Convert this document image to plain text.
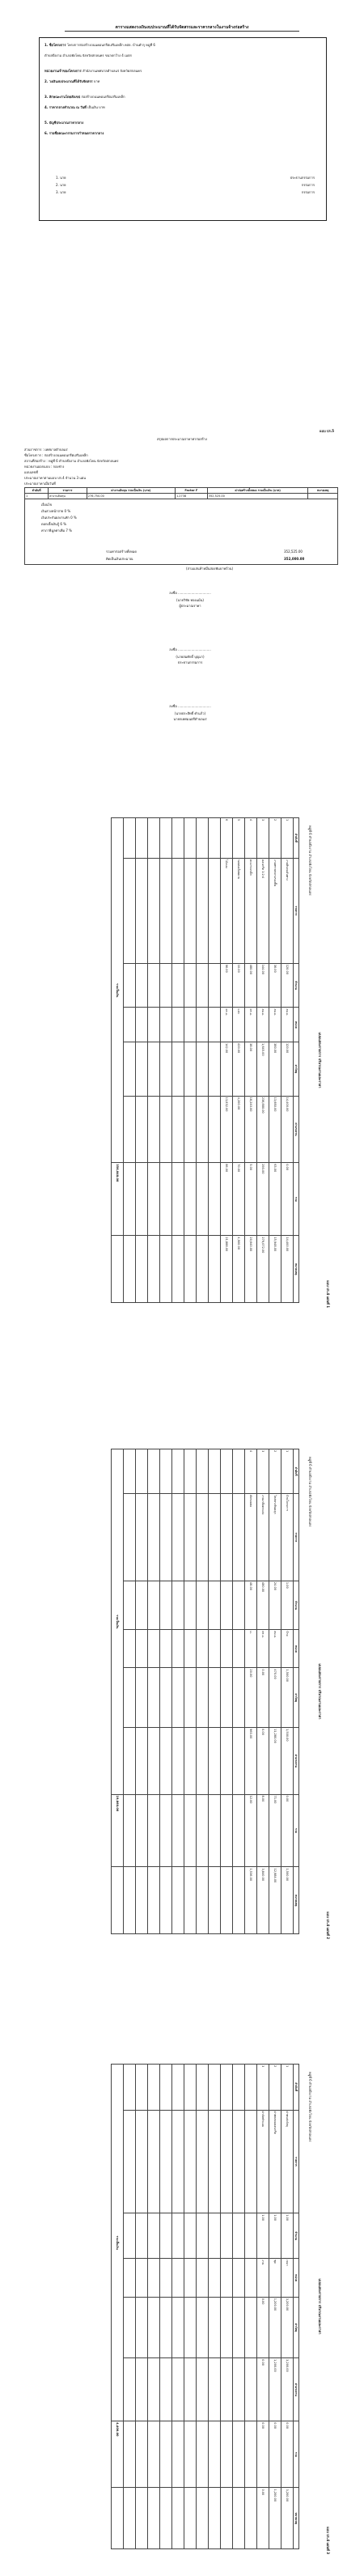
ตารางแสดงวงเงินงบประมาณที่ได้รับจัดสรรและราคากลางในงานจ้างก่อสร้าง
1. ชื่อโครงการ โครงการก่อสร้างถนนคอนกรีตเสริมเหล็ก คสล. บ้านคำกุ หมู่ที่ 6
ตำบลบึงงาม อำเภอพังโคน จังหวัดสกลนคร ขนาดกว้าง 4 เมตร
หน่วยงานเจ้าของโครงการ สำนักงานเทศบาลตำบลแร่ จังหวัดสกลนคร
2. วงเงินงบประมาณที่ได้รับจัดสรร บาท
3. ลักษณะงานโดยสังเขป ก่อสร้างถนนคอนกรีตเสริมเหล็ก
4. ราคากลางคำนวณ ณ วันที่ เป็นเงิน บาท
5. บัญชีประมาณราคากลาง
6. รายชื่อคณะกรรมการกำหนดราคากลาง
1. นาย	ประธานกรรมการ
2. นาย	กรรมการ
3. นาย	กรรมการ
แบบ ปร.5
สรุปผลการประมาณราคาค่าก่อสร้าง
ส่วนราชการ : เทศบาลตำบลแร่
ชื่อโครงการ : ก่อสร้างถนนคอนกรีตเสริมเหล็ก
สถานที่ก่อสร้าง : หมู่ที่ 6 ตำบลบึงงาม อำเภอพังโคน จังหวัดสกลนคร
หน่วยงานออกแบบ : กองช่าง
แบบเลขที่
ประมาณราคาตามแบบ ปร.4 จำนวน 3 แผ่น
ประมาณราคาเมื่อวันที่
ลำดับที่	รายการ	ค่างานต้นทุน รวมเป็นเงิน (บาท)	Factor F	ค่าก่อสร้างทั้งหมด รวมเป็นเงิน (บาท)	หมายเหตุ
1	ค่างานต้นทุน	276,750.00	1.2738	352,525.00	
เงื่อนไข
เงินล่วงหน้าจ่าย 0 %
เงินประกันผลงานหัก 0 %
ดอกเบี้ยเงินกู้ 6 %
ค่าภาษีมูลค่าเพิ่ม 7 %
รวมค่าก่อสร้างทั้งหมด	352,525.00
คิดเป็นเงินประมาณ	352,000.00
(สามแสนห้าหมื่นสองพันบาทถ้วน)
ลงชื่อ ................................
(นายวิชัย ทองแม้น)
ผู้ประมาณราคา
ลงชื่อ ................................
(นายสมศักดิ์ บุญมา)
ประธานกรรมการ
ลงชื่อ ................................
(นายประสิทธิ์ คำแก้ว)
นายกเทศมนตรีตำบลแร่
แบบ ปร.4 แผ่นที่ 1
แบบแสดงรายการ ปริมาณงานและราคา
หมู่ที่ 6 ตำบลบึงงาม อำเภอพังโคน จังหวัดสกลนคร
ลำดับที่	รายการ	จำนวน	หน่วย	ค่าวัสดุ	ค่าแรงงาน	รวม	หมายเหตุ
1	งานดินถมคันทาง	120.00	ลบ.ม.	120.00	14,400.00	0.00	14,400.00
2	งานทรายหยาบรองพื้น	36.00	ลบ.ม.	380.00	13,680.00	63.00	15,948.00
3	คอนกรีต 1:2:4	144.00	ลบ.ม.	1,645.00	236,880.00	293.00	279,072.00
4	ตะแกรงเหล็ก	480.00	ตร.ม.	38.00	18,240.00	5.00	20,640.00
5	รอยต่อเผื่อขยาย	10.00	แห่ง	420.00	4,200.00	70.00	4,900.00
6	ไม้แบบ	96.00	ตร.ม.	142.00	13,632.00	86.00	21,888.00

รวมเป็นเงิน						356,848.00	
แบบ ปร.4 แผ่นที่ 2
แบบแสดงรายการ ปริมาณงานและราคา
หมู่ที่ 6 ตำบลบึงงาม อำเภอพังโคน จังหวัดสกลนคร
ลำดับที่	รายการ	จำนวน	หน่วย	ค่าวัสดุ	ค่าแรงงาน	รวม	หมายเหตุ
1	ป้ายโครงการ	1.00	ป้าย	1,500.00	1,500.00	0.00	1,500.00
2	ไหล่ทางหินคลุก	24.00	ลบ.ม.	470.00	11,280.00	71.00	12,984.00
3	งานเกลี่ยตกแต่ง	480.00	ตร.ม.	0.00	0.00	8.00	3,840.00
4	ตัดรอยต่อ	48.00	ม.	20.00	960.00	12.00	1,536.00

รวมเป็นเงิน						19,860.00	
แบบ ปร.4 แผ่นที่ 3
แบบแสดงรายการ ปริมาณงานและราคา
หมู่ที่ 6 ตำบลบึงงาม อำเภอพังโคน จังหวัดสกลนคร
ลำดับที่	รายการ	จำนวน	หน่วย	ค่าวัสดุ	ค่าแรงงาน	รวม	หมายเหตุ
1	ค่าขนส่งวัสดุ	1.00	เหมา	3,200.00	3,200.00	0.00	3,200.00
2	ค่าทดสอบคอนกรีต	1.00	ชุด	1,200.00	1,200.00	0.00	1,200.00
3	ค่าจัดทำแบบ	1.00	งาน	0.00	0.00	0.00	0.00

รวมเป็นเงิน						4,400.00	
